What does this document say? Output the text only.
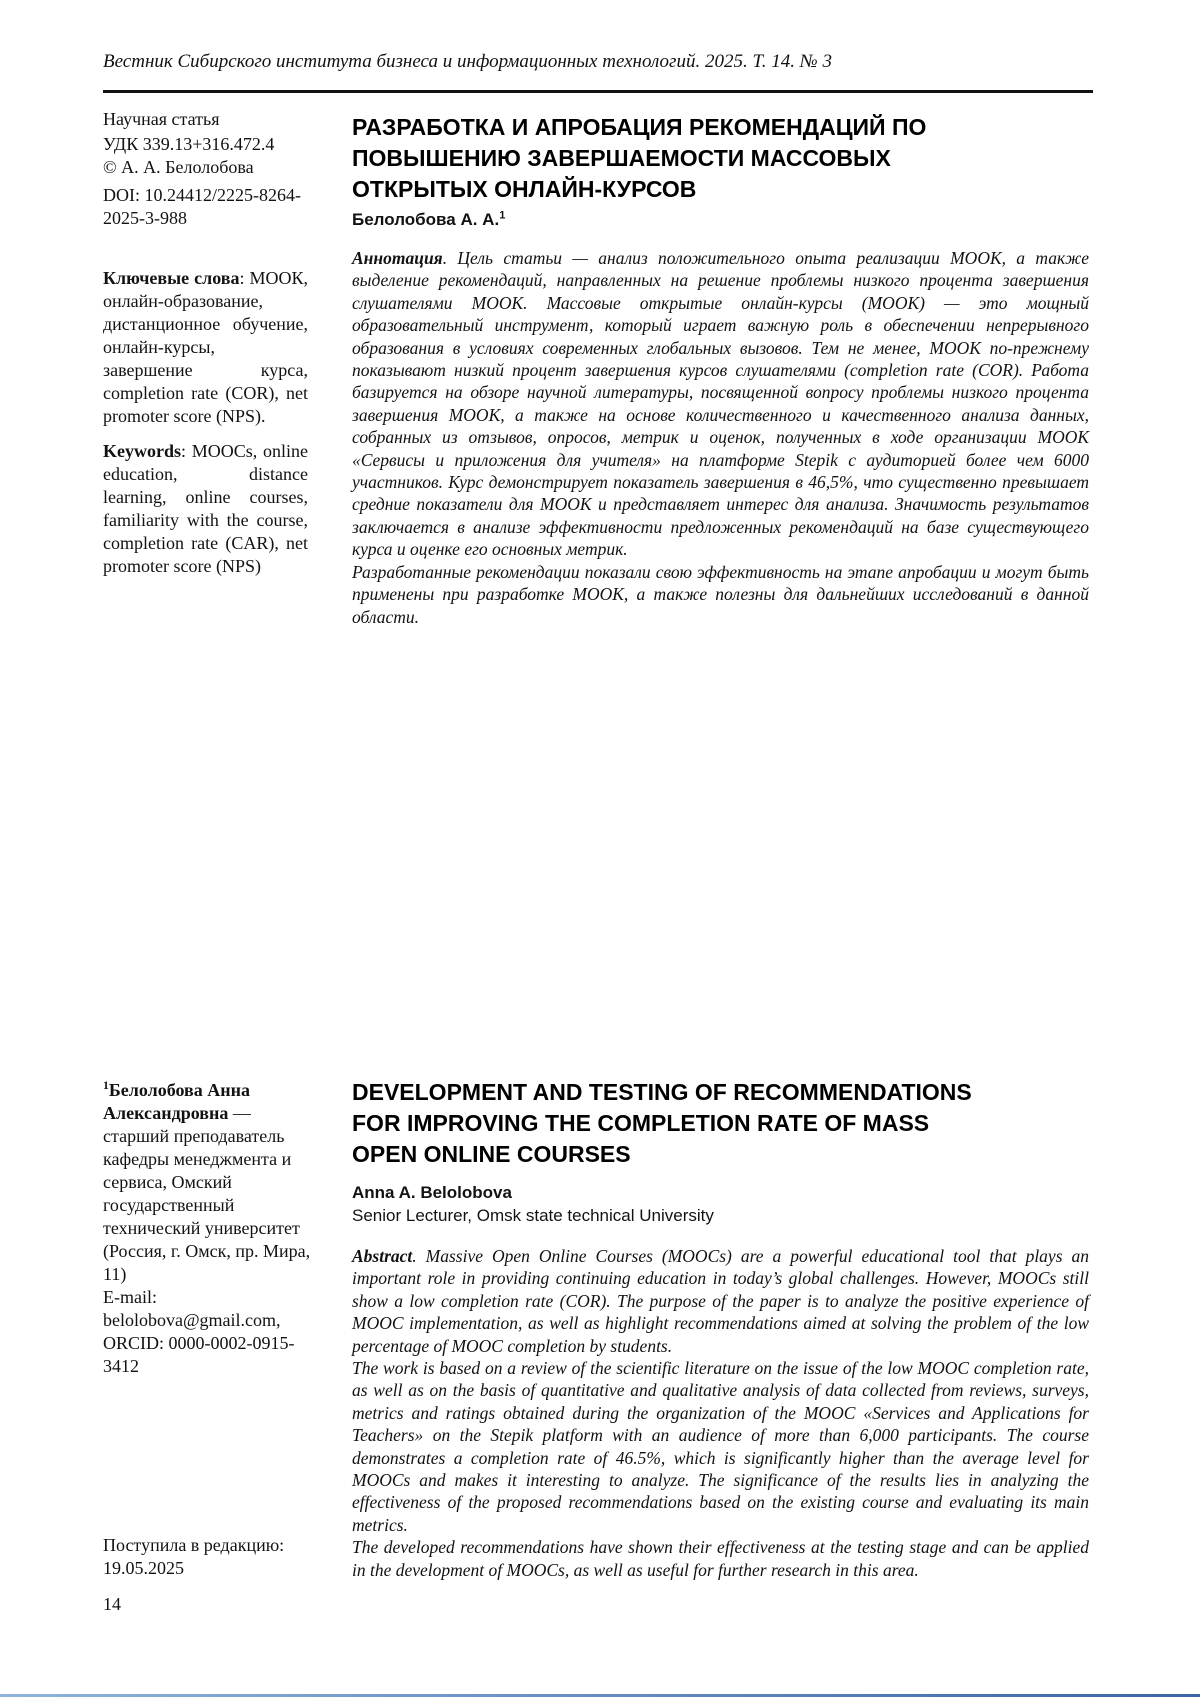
Вестник Сибирского института бизнеса и информационных технологий. 2025. Т. 14. № 3

Научная статья

УДК 339.13+316.472.4

© А. А. Белолобова

DOI: 10.24412/2225-8264-2025-3-988

Ключевые слова: МООК, онлайн-образование, дистанционное обучение, онлайн-курсы, завершение курса, completion rate (COR), net promoter score (NPS).

Keywords: MOOCs, online education, distance learning, online courses, familiarity with the course, completion rate (CAR), net promoter score (NPS)

$^1$Белолобова Анна Александровна — старший преподаватель кафедры менеджмента и сервиса, Омский государственный технический университет (Россия, г. Омск, пр. Мира, 11)

E-mail: belolobova@gmail.com,

ORCID: 0000-0002-0915-3412

Поступила в редакцию:

19.05.2025

14
РАЗРАБОТКА И АПРОБАЦИЯ РЕКОМЕНДАЦИЙ ПО
ПОВЫШЕНИЮ ЗАВЕРШАЕМОСТИ МАССОВЫХ
ОТКРЫТЫХ ОНЛАЙН-КУРСОВ

Белолобова А. А.$^1$

Аннотация. Цель статьи — анализ положительного опыта реализации МООК, а также выделение рекомендаций, направленных на решение проблемы низкого процента завершения слушателями МООК. Массовые открытые онлайн-курсы (МООК) — это мощный образовательный инструмент, который играет важную роль в обеспечении непрерывного образования в условиях современных глобальных вызовов. Тем не менее, МООК по-прежнему показывают низкий процент завершения курсов слушателями (completion rate (COR). Работа базируется на обзоре научной литературы, посвященной вопросу проблемы низкого процента завершения МООК, а также на основе количественного и качественного анализа данных, собранных из отзывов, опросов, метрик и оценок, полученных в ходе организации МООК «Сервисы и приложения для учителя» на платформе Stepik с аудиторией более чем 6000 участников. Курс демонстрирует показатель завершения в 46,5%, что существенно превышает средние показатели для МООК и представляет интерес для анализа. Значимость результатов заключается в анализе эффективности предложенных рекомендаций на базе существующего курса и оценке его основных метрик.

Разработанные рекомендации показали свою эффективность на этапе апробации и могут быть применены при разработке МООК, а также полезны для дальнейших исследований в данной области.

DEVELOPMENT AND TESTING OF RECOMMENDATIONS
FOR IMPROVING THE COMPLETION RATE OF MASS
OPEN ONLINE COURSES

Anna A. Belolobova

Senior Lecturer, Omsk state technical University

Abstract. Massive Open Online Courses (MOOCs) are a powerful educational tool that plays an important role in providing continuing education in today’s global challenges. However, MOOCs still show a low completion rate (COR). The purpose of the paper is to analyze the positive experience of MOOC implementation, as well as highlight recommendations aimed at solving the problem of the low percentage of MOOC completion by students.

The work is based on a review of the scientific literature on the issue of the low MOOC completion rate, as well as on the basis of quantitative and qualitative analysis of data collected from reviews, surveys, metrics and ratings obtained during the organization of the MOOC «Services and Applications for Teachers» on the Stepik platform with an audience of more than 6,000 participants. The course demonstrates a completion rate of 46.5%, which is significantly higher than the average level for MOOCs and makes it interesting to analyze. The significance of the results lies in analyzing the effectiveness of the proposed recommendations based on the existing course and evaluating its main metrics.

The developed recommendations have shown their effectiveness at the testing stage and can be applied in the development of MOOCs, as well as useful for further research in this area.
